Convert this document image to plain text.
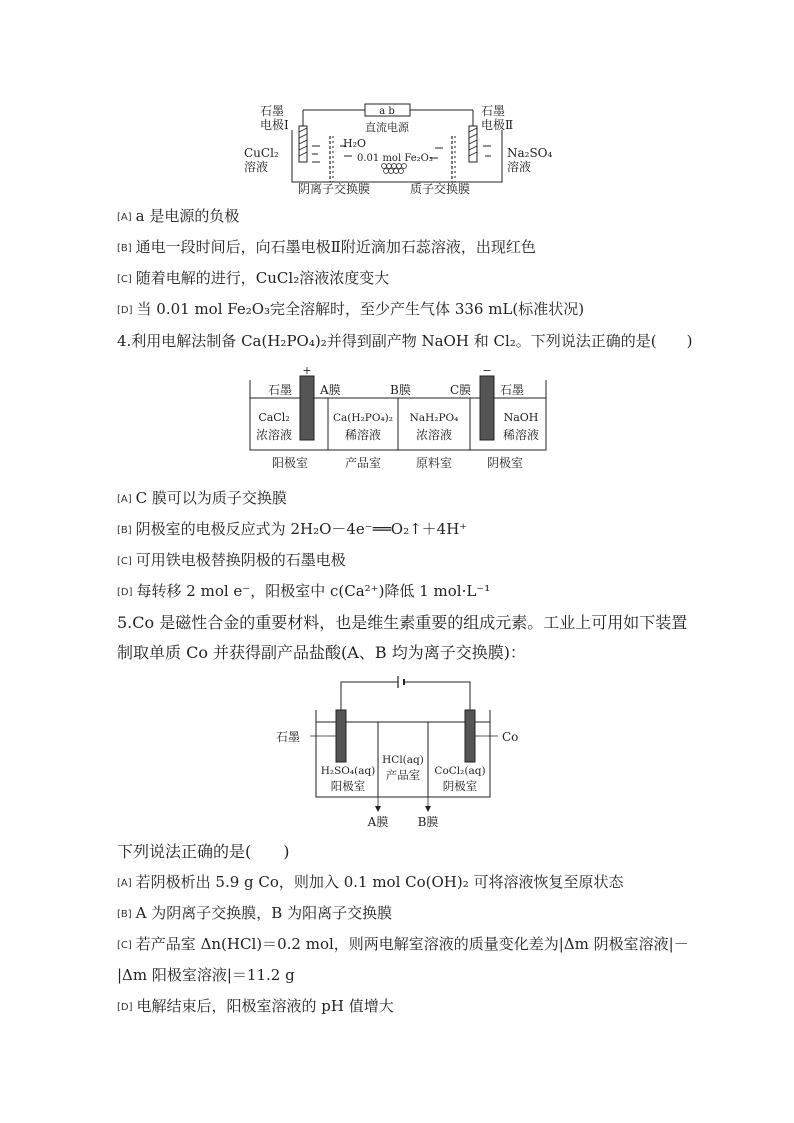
a b
直流电源
H₂O
0.01 mol Fe₂O₃
石墨
电极Ⅰ
石墨
电极Ⅱ
CuCl₂
溶液
Na₂SO₄
溶液
阴离子交换膜	质子交换膜
[A] a 是电源的负极
[B] 通电一段时间后，向石墨电极Ⅱ附近滴加石蕊溶液，出现红色
[C] 随着电解的进行，CuCl₂溶液浓度变大
[D] 当 0.01 mol Fe₂O₃完全溶解时，至少产生气体 336 mL(标准状况)
4.利用电解法制备 Ca(H₂PO₄)₂并得到副产物 NaOH 和 Cl₂。下列说法正确的是(　　)
+	−
石墨 A膜	B膜	C膜 石墨
CaCl₂
浓溶液
Ca(H₂PO₄)₂
稀溶液
NaH₂PO₄
浓溶液
NaOH
稀溶液
阳极室	产品室	原料室	阴极室
[A] C 膜可以为质子交换膜
[B] 阴极室的电极反应式为 2H₂O－4e⁻══O₂↑＋4H⁺
[C] 可用铁电极替换阴极的石墨电极
[D] 每转移 2 mol e⁻，阳极室中 c(Ca²⁺)降低 1 mol·L⁻¹
5.Co 是磁性合金的重要材料，也是维生素重要的组成元素。工业上可用如下装置
制取单质 Co 并获得副产品盐酸(A、B 均为离子交换膜)：
石墨	Co
H₂SO₄(aq)
阳极室
HCl(aq)
产品室 CoCl₂(aq)
阴极室
A膜 B膜
下列说法正确的是(　　)
[A] 若阴极析出 5.9 g Co，则加入 0.1 mol Co(OH)₂ 可将溶液恢复至原状态
[B] A 为阴离子交换膜，B 为阳离子交换膜
[C] 若产品室 Δn(HCl)＝0.2 mol，则两电解室溶液的质量变化差为|Δm 阴极室溶液|－
|Δm 阳极室溶液|＝11.2 g
[D] 电解结束后，阳极室溶液的 pH 值增大
